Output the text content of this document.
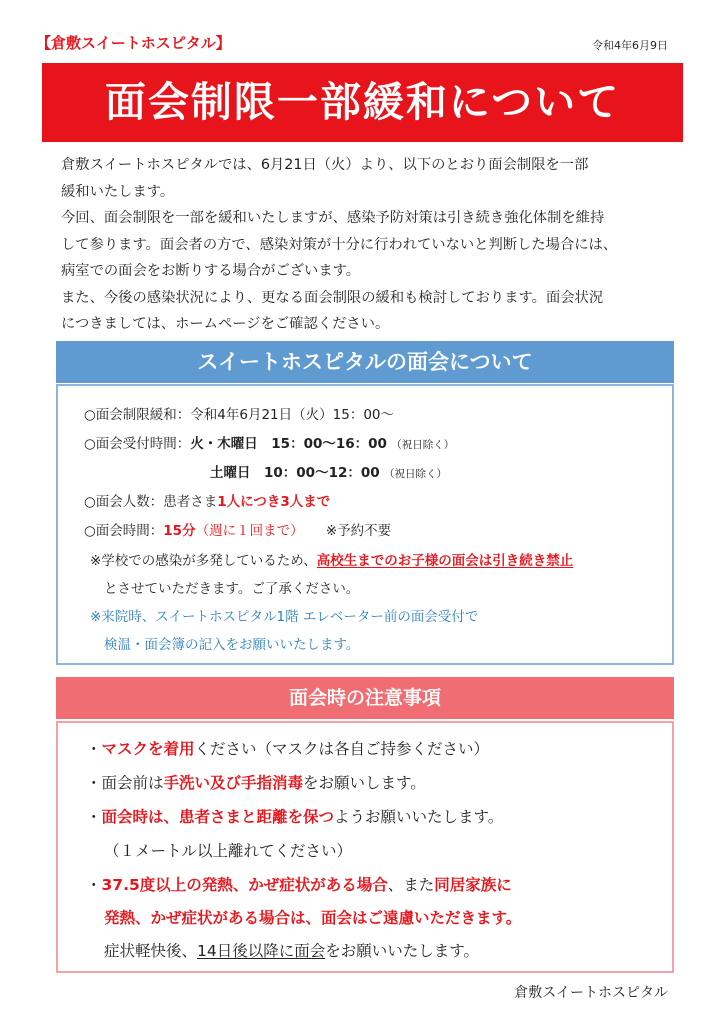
【倉敷スイートホスピタル】	令和4年6月9日
面会制限一部緩和について

倉敷スイートホスピタルでは、6月21日（火）より、以下のとおり面会制限を一部

緩和いたします。

今回、面会制限を一部を緩和いたしますが、感染予防対策は引き続き強化体制を維持

して参ります。面会者の方で、感染対策が十分に行われていないと判断した場合には、

病室での面会をお断りする場合がございます。

また、今後の感染状況により、更なる面会制限の緩和も検討しております。面会状況

につきましては、ホームページをご確認ください。

スイートホスピタルの面会について
○面会制限緩和：令和4年6月21日（火）15：00～
○面会受付時間：火・木曜日　15：00～16：00 （祝日除く）
土曜日　10：00～12：00 （祝日除く）
○面会人数：患者さま1人につき3人まで
○面会時間：15分（週に１回まで） ※予約不要
※学校での感染が多発しているため、高校生までのお子様の面会は引き続き禁止
とさせていただきます。ご了承ください。
※来院時、スイートホスピタル1階 エレベーター前の面会受付で
検温・面会簿の記入をお願いいたします。
面会時の注意事項
・マスクを着用ください（マスクは各自ご持参ください）
・面会前は手洗い及び手指消毒をお願いします。
・面会時は、患者さまと距離を保つようお願いいたします。
（１メートル以上離れてください）
・37.5度以上の発熱、かぜ症状がある場合、また同居家族に
発熱、かぜ症状がある場合は、面会はご遠慮いただきます。
症状軽快後、14日後以降に面会をお願いいたします。
倉敷スイートホスピタル
